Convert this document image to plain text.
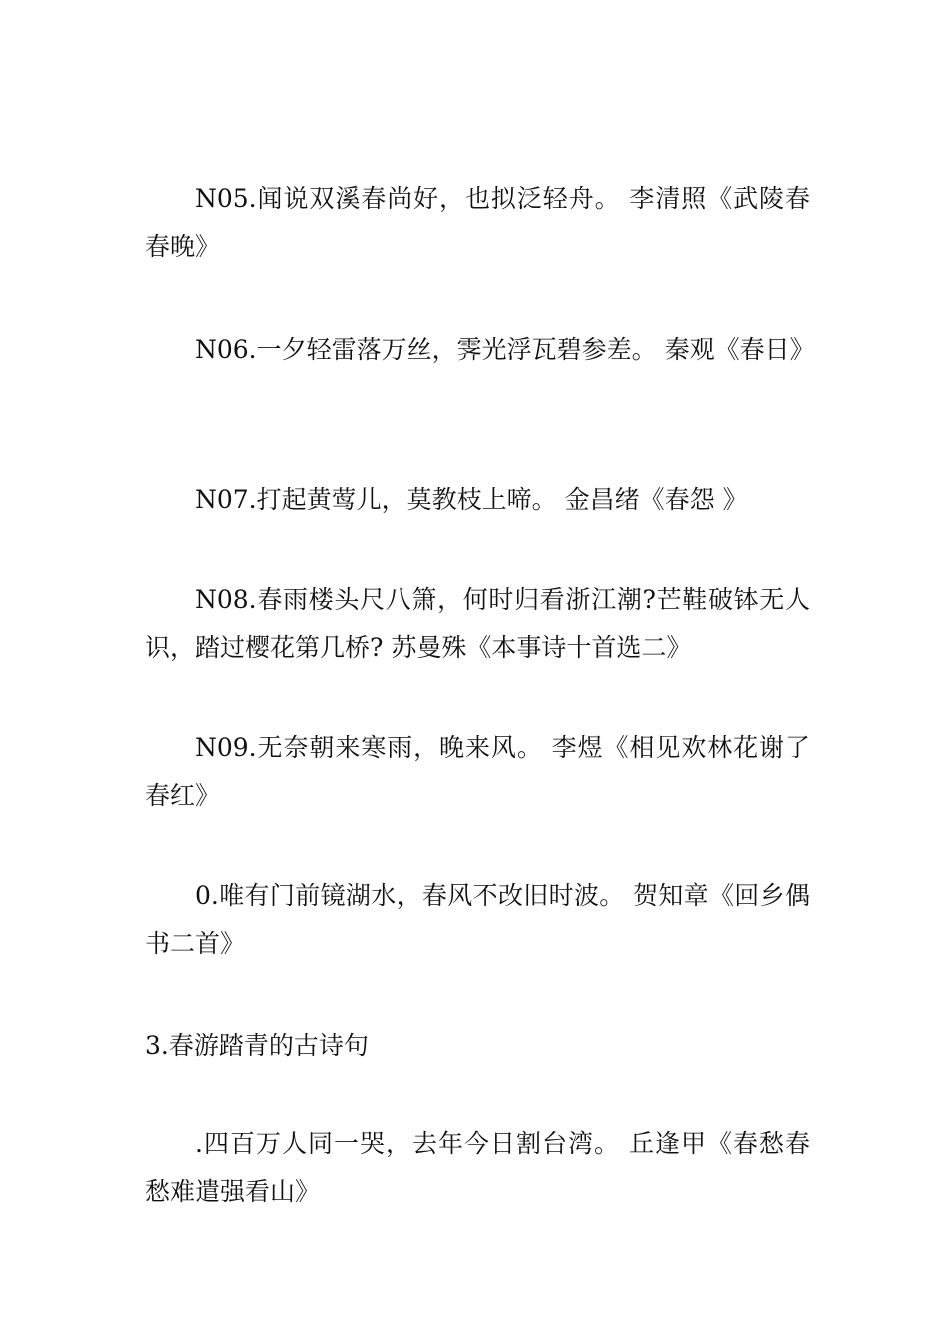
N05.闻说双溪春尚好，也拟泛轻舟。 李清照《武陵春春晚》

N06.一夕轻雷落万丝，霁光浮瓦碧参差。 秦观《春日》

N07.打起黄莺儿，莫教枝上啼。 金昌绪《春怨 》

N08.春雨楼头尺八箫，何时归看浙江潮?芒鞋破钵无人识，踏过樱花第几桥? 苏曼殊《本事诗十首选二》

N09.无奈朝来寒雨，晚来风。 李煜《相见欢林花谢了春红》

0.唯有门前镜湖水，春风不改旧时波。 贺知章《回乡偶书二首》

3.春游踏青的古诗句

.四百万人同一哭，去年今日割台湾。 丘逢甲《春愁春愁难遣强看山》
